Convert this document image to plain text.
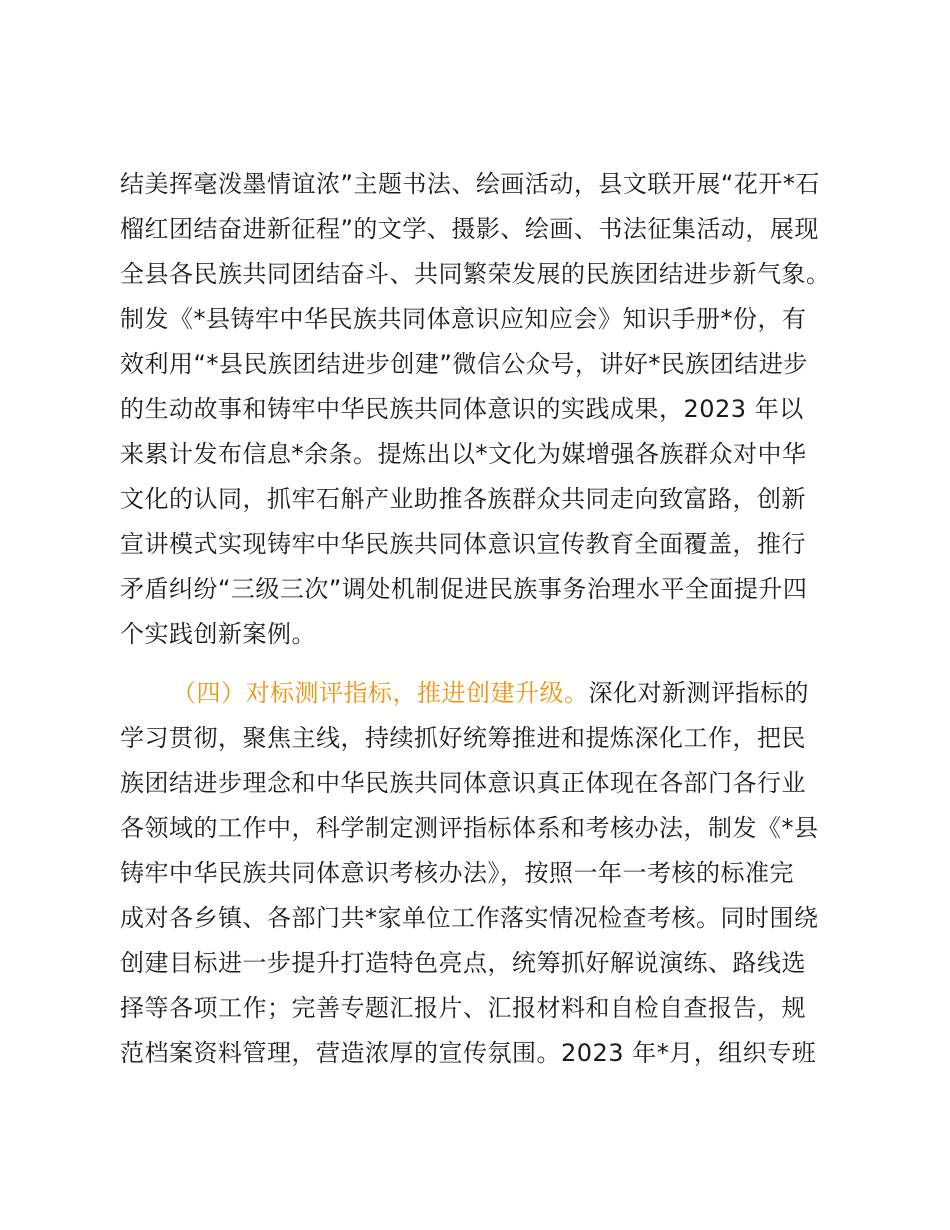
结美挥毫泼墨情谊浓”主题书法、绘画活动，县文联开展“花开*石
榴红团结奋进新征程”的文学、摄影、绘画、书法征集活动，展现
全县各民族共同团结奋斗、共同繁荣发展的民族团结进步新气象。
制发《*县铸牢中华民族共同体意识应知应会》知识手册*份，有
效利用“*县民族团结进步创建”微信公众号，讲好*民族团结进步
的生动故事和铸牢中华民族共同体意识的实践成果，2023 年以
来累计发布信息*余条。提炼出以*文化为媒增强各族群众对中华
文化的认同，抓牢石斛产业助推各族群众共同走向致富路，创新
宣讲模式实现铸牢中华民族共同体意识宣传教育全面覆盖，推行
矛盾纠纷“三级三次”调处机制促进民族事务治理水平全面提升四
个实践创新案例。
（四）对标测评指标，推进创建升级。深化对新测评指标的
学习贯彻，聚焦主线，持续抓好统筹推进和提炼深化工作，把民
族团结进步理念和中华民族共同体意识真正体现在各部门各行业
各领域的工作中，科学制定测评指标体系和考核办法，制发《*县
铸牢中华民族共同体意识考核办法》，按照一年一考核的标准完
成对各乡镇、各部门共*家单位工作落实情况检查考核。同时围绕
创建目标进一步提升打造特色亮点，统筹抓好解说演练、路线选
择等各项工作；完善专题汇报片、汇报材料和自检自查报告，规
范档案资料管理，营造浓厚的宣传氛围。2023 年*月，组织专班
